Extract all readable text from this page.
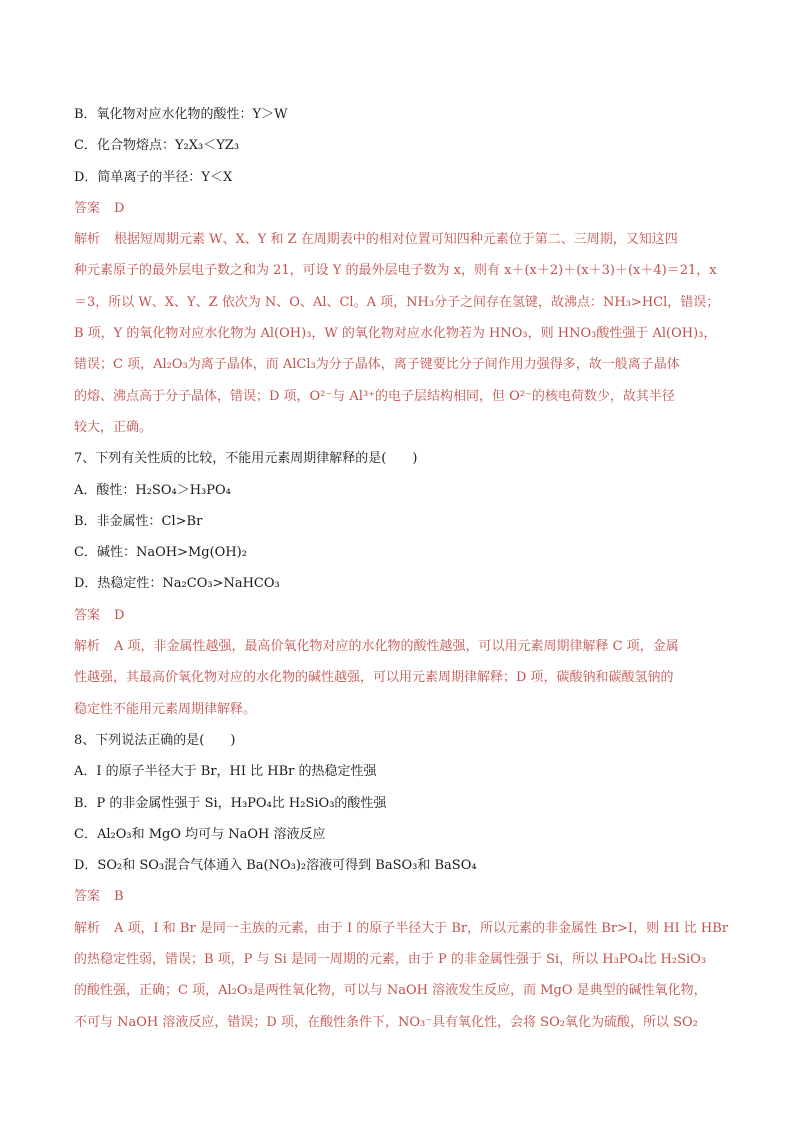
B．氧化物对应水化物的酸性：Y＞W
C．化合物熔点：Y₂X₃＜YZ₃
D．简单离子的半径：Y＜X
答案 D
解析 根据短周期元素 W、X、Y 和 Z 在周期表中的相对位置可知四种元素位于第二、三周期，又知这四
种元素原子的最外层电子数之和为 21，可设 Y 的最外层电子数为 x，则有 x＋(x＋2)＋(x＋3)＋(x＋4)＝21，x
＝3，所以 W、X、Y、Z 依次为 N、O、Al、Cl。A 项，NH₃分子之间存在氢键，故沸点：NH₃>HCl，错误；
B 项，Y 的氧化物对应水化物为 Al(OH)₃，W 的氧化物对应水化物若为 HNO₃，则 HNO₃酸性强于 Al(OH)₃，
错误；C 项，Al₂O₃为离子晶体，而 AlCl₃为分子晶体，离子键要比分子间作用力强得多，故一般离子晶体
的熔、沸点高于分子晶体，错误；D 项，O²⁻与 Al³⁺的电子层结构相同，但 O²⁻的核电荷数少，故其半径
较大，正确。
7、下列有关性质的比较，不能用元素周期律解释的是(　　)
A．酸性：H₂SO₄＞H₃PO₄
B．非金属性：Cl>Br
C．碱性：NaOH>Mg(OH)₂
D．热稳定性：Na₂CO₃>NaHCO₃
答案 D
解析 A 项，非金属性越强，最高价氧化物对应的水化物的酸性越强，可以用元素周期律解释 C 项，金属
性越强，其最高价氧化物对应的水化物的碱性越强，可以用元素周期律解释；D 项，碳酸钠和碳酸氢钠的
稳定性不能用元素周期律解释。
8、下列说法正确的是(　　)
A．I 的原子半径大于 Br，HI 比 HBr 的热稳定性强
B．P 的非金属性强于 Si，H₃PO₄比 H₂SiO₃的酸性强
C．Al₂O₃和 MgO 均可与 NaOH 溶液反应
D．SO₂和 SO₃混合气体通入 Ba(NO₃)₂溶液可得到 BaSO₃和 BaSO₄
答案 B
解析 A 项，I 和 Br 是同一主族的元素，由于 I 的原子半径大于 Br，所以元素的非金属性 Br>I，则 HI 比 HBr
的热稳定性弱，错误；B 项，P 与 Si 是同一周期的元素，由于 P 的非金属性强于 Si，所以 H₃PO₄比 H₂SiO₃
的酸性强，正确；C 项，Al₂O₃是两性氧化物，可以与 NaOH 溶液发生反应，而 MgO 是典型的碱性氧化物，
不可与 NaOH 溶液反应，错误；D 项，在酸性条件下，NO₃⁻具有氧化性，会将 SO₂氧化为硫酸，所以 SO₂
